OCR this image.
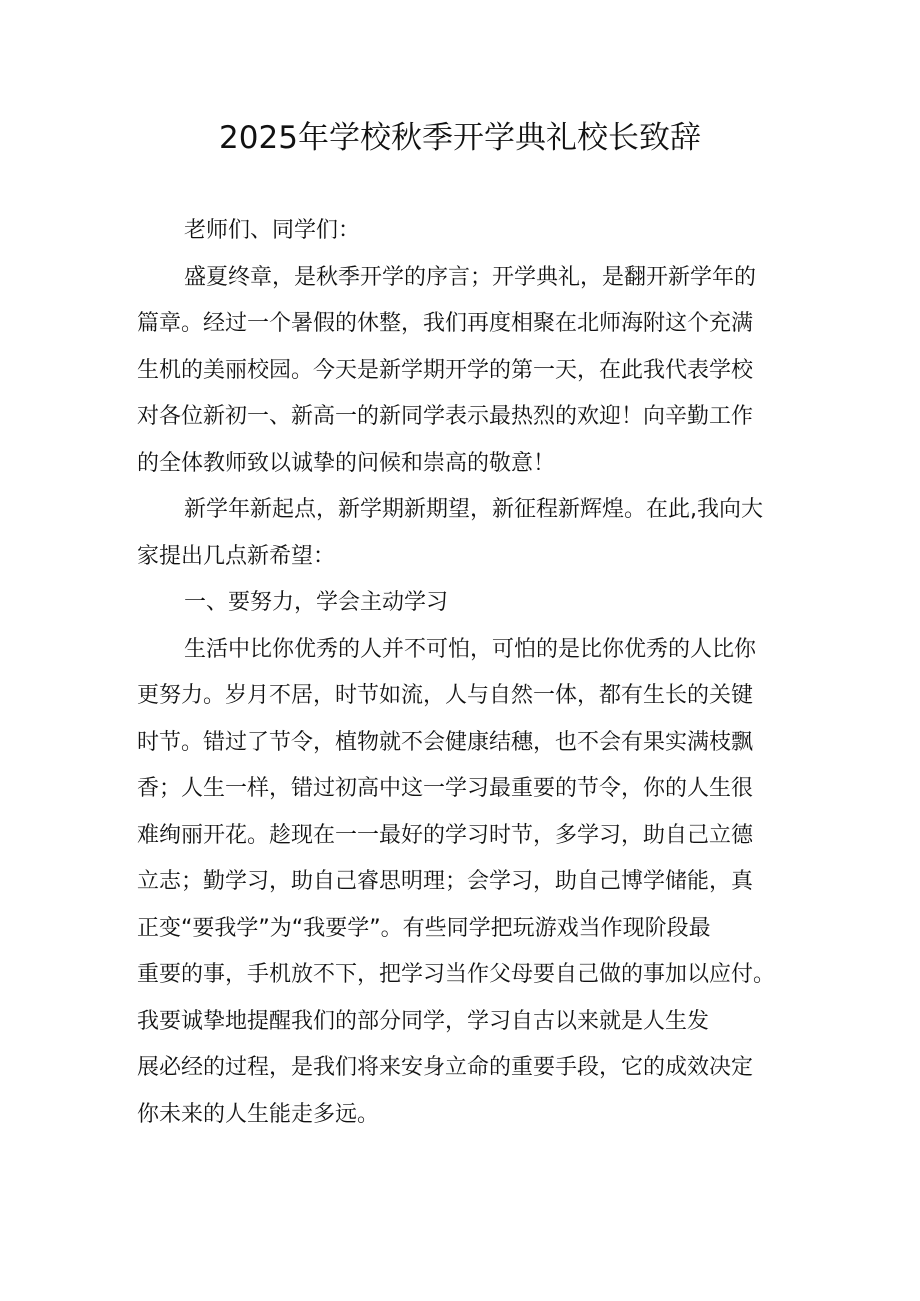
2025年学校秋季开学典礼校长致辞
老师们、同学们：
盛夏终章，是秋季开学的序言；开学典礼，是翻开新学年的
篇章。经过一个暑假的休整，我们再度相聚在北师海附这个充满
生机的美丽校园。今天是新学期开学的第一天，在此我代表学校
对各位新初一、新高一的新同学表示最热烈的欢迎！向辛勤工作
的全体教师致以诚挚的问候和崇高的敬意！
新学年新起点，新学期新期望，新征程新辉煌。在此,我向大
家提出几点新希望：
一、要努力，学会主动学习
生活中比你优秀的人并不可怕，可怕的是比你优秀的人比你
更努力。岁月不居，时节如流，人与自然一体，都有生长的关键
时节。错过了节令，植物就不会健康结穗，也不会有果实满枝飘
香；人生一样，错过初高中这一学习最重要的节令，你的人生很
难绚丽开花。趁现在一一最好的学习时节，多学习，助自己立德
立志；勤学习，助自己睿思明理；会学习，助自己博学储能，真
正变“要我学”为“我要学”。有些同学把玩游戏当作现阶段最
重要的事，手机放不下，把学习当作父母要自己做的事加以应付。
我要诚挚地提醒我们的部分同学，学习自古以来就是人生发
展必经的过程，是我们将来安身立命的重要手段，它的成效决定
你未来的人生能走多远。
